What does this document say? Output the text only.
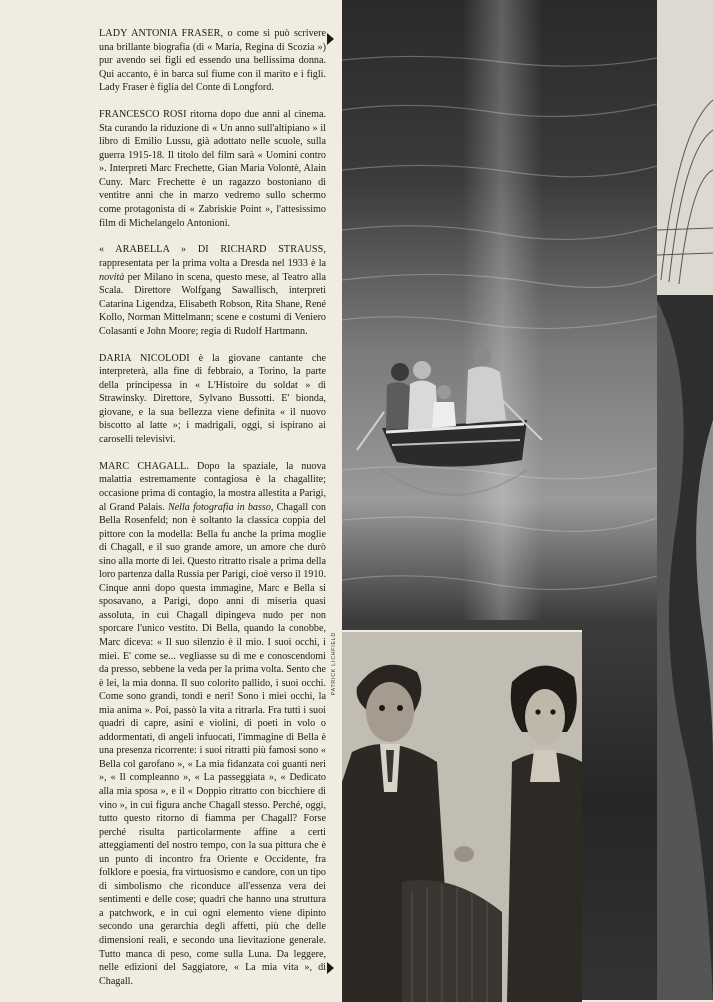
LADY ANTONIA FRASER, o come si può scrivere una brillante biografia (di « Maria, Regina di Scozia ») pur avendo sei figli ed essendo una bellissima donna. Qui accanto, è in barca sul fiume con il marito e i figli. Lady Fraser è figlia del Conte di Longford.

FRANCESCO ROSI ritorna dopo due anni al cinema. Sta curando la riduzione di « Un anno sull'altipiano » il libro di Emilio Lussu, già adottato nelle scuole, sulla guerra 1915-18. Il titolo del film sarà « Uomini contro ». Interpreti Marc Frechette, Gian Maria Volontè, Alain Cuny. Marc Frechette è un ragazzo bostoniano di ventitre anni che in marzo vedremo sullo schermo come protagonista di « Zabriskie Point », l'attesissimo film di Michelangelo Antonioni.

« ARABELLA » DI RICHARD STRAUSS, rappresentata per la prima volta a Dresda nel 1933 è la novità per Milano in scena, questo mese, al Teatro alla Scala. Direttore Wolfgang Sawallisch, interpreti Catarina Ligendza, Elisabeth Robson, Rita Shane, René Kollo, Norman Mittelmann; scene e costumi di Veniero Colasanti e John Moore; regia di Rudolf Hartmann.

DARIA NICOLODI è la giovane cantante che interpreterà, alla fine di febbraio, a Torino, la parte della principessa in « L'Histoire du soldat » di Strawinsky. Direttore, Sylvano Bussotti. E' bionda, giovane, e la sua bellezza viene definita « il nuovo biscotto al latte »; i madrigali, oggi, si ispirano ai caroselli televisivi.

MARC CHAGALL. Dopo la spaziale, la nuova malattia estremamente contagiosa è la chagallite; occasione prima di contagio, la mostra allestita a Parigi, al Grand Palais. Nella fotografia in basso, Chagall con Bella Rosenfeld; non è soltanto la classica coppia del pittore con la modella: Bella fu anche la prima moglie di Chagall, e il suo grande amore, un amore che durò sino alla morte di lei. Questo ritratto risale a prima della loro partenza dalla Russia per Parigi, cioè verso il 1910. Cinque anni dopo questa immagine, Marc e Bella si sposavano, a Parigi, dopo anni di miseria quasi assoluta, in cui Chagall dipingeva nudo per non sporcare l'unico vestito. Di Bella, quando la conobbe, Marc diceva: « Il suo silenzio è il mio. I suoi occhi, i miei. E' come se... vegliasse su di me e conoscendomi da presso, sebbene la veda per la prima volta. Sento che è lei, la mia donna. Il suo colorito pallido, i suoi occhi. Come sono grandi, tondi e neri! Sono i miei occhi, la mia anima ». Poi, passò la vita a ritrarla. Fra tutti i suoi quadri di capre, asini e violini, di poeti in volo o addormentati, di angeli infuocati, l'immagine di Bella è una presenza ricorrente: i suoi ritratti più famosi sono « Bella col garofano », « La mia fidanzata coi guanti neri », « Il compleanno », « La passeggiata », « Dedicato alla mia sposa », e il « Doppio ritratto con bicchiere di vino », in cui figura anche Chagall stesso. Perché, oggi, tutto questo ritorno di fiamma per Chagall? Forse perché risulta particolarmente affine a certi atteggiamenti del nostro tempo, con la sua pittura che è un punto di incontro fra Oriente e Occidente, fra folklore e poesia, fra virtuosismo e candore, con un tipo di simbolismo che riconduce all'essenza vera dei sentimenti e delle cose; quadri che hanno una struttura a patchwork, e in cui ogni elemento viene dipinto secondo una gerarchia degli affetti, più che delle dimensioni reali, e secondo una lievitazione generale. Tutto manca di peso, come sulla Luna. Da leggere, nelle edizioni del Saggiatore, « La mia vita », di Chagall.

PATRICK LICHFIELD
